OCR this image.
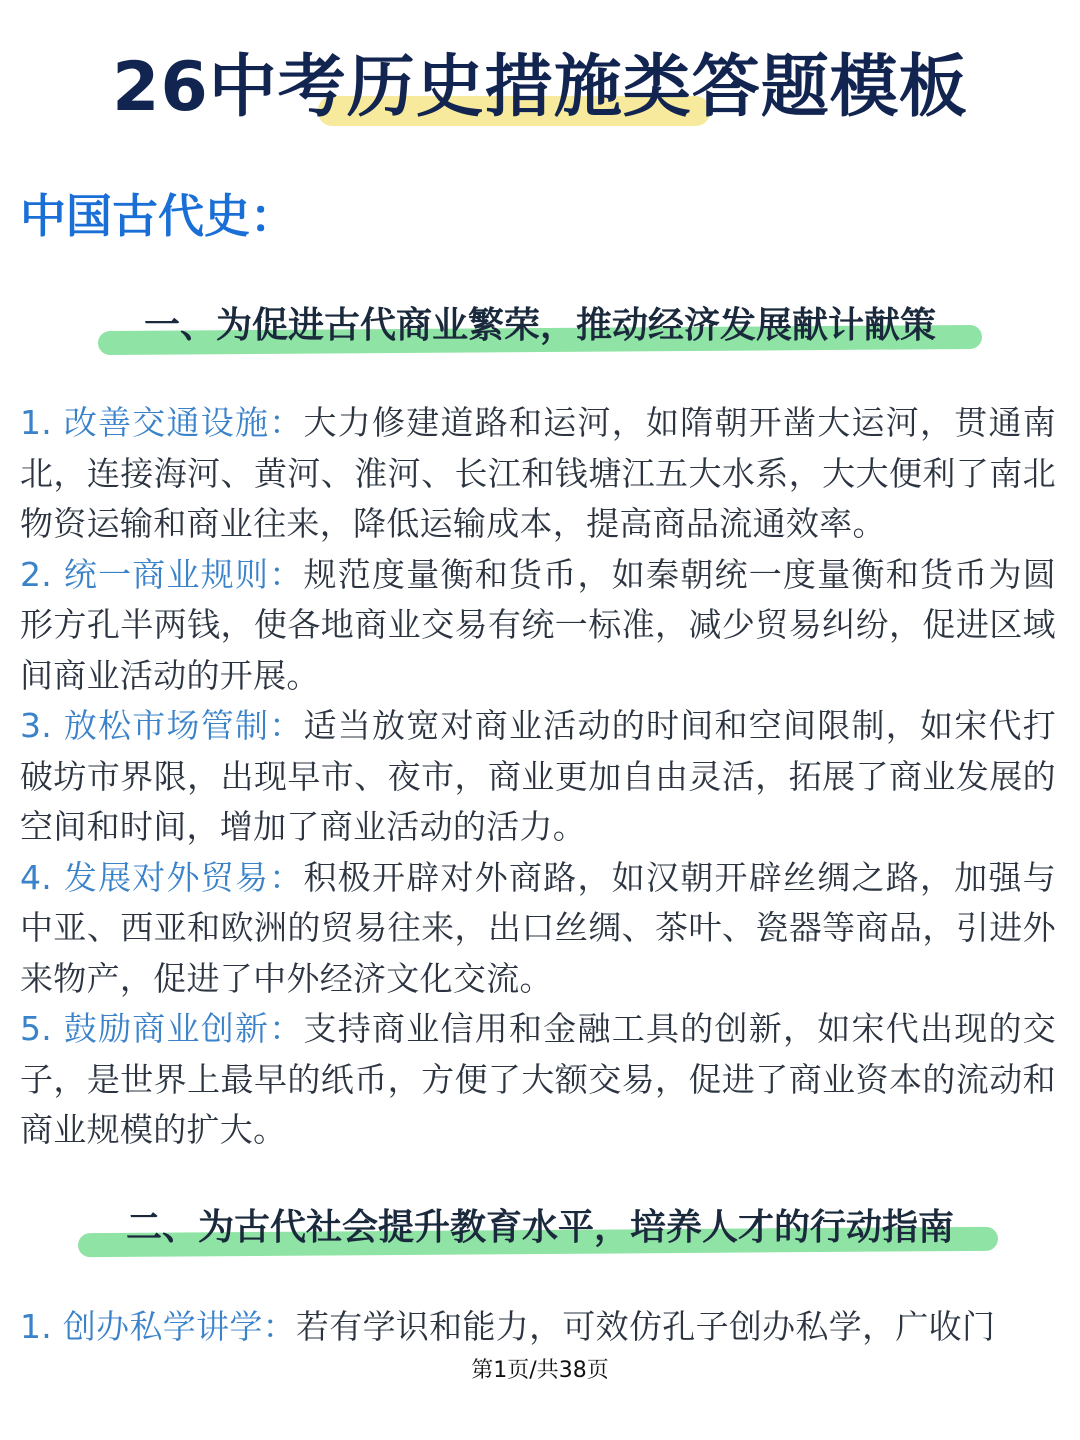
26中考历史措施类答题模板
中国古代史：
一、为促进古代商业繁荣，推动经济发展献计献策
1. 改善交通设施：大力修建道路和运河，如隋朝开凿大运河，贯通南北，连接海河、黄河、淮河、长江和钱塘江五大水系，大大便利了南北物资运输和商业往来，降低运输成本，提高商品流通效率。
2. 统一商业规则：规范度量衡和货币，如秦朝统一度量衡和货币为圆形方孔半两钱，使各地商业交易有统一标准，减少贸易纠纷，促进区域间商业活动的开展。
3. 放松市场管制：适当放宽对商业活动的时间和空间限制，如宋代打破坊市界限，出现早市、夜市，商业更加自由灵活，拓展了商业发展的空间和时间，增加了商业活动的活力。
4. 发展对外贸易：积极开辟对外商路，如汉朝开辟丝绸之路，加强与中亚、西亚和欧洲的贸易往来，出口丝绸、茶叶、瓷器等商品，引进外来物产，促进了中外经济文化交流。
5. 鼓励商业创新：支持商业信用和金融工具的创新，如宋代出现的交子，是世界上最早的纸币，方便了大额交易，促进了商业资本的流动和商业规模的扩大。
二、为古代社会提升教育水平，培养人才的行动指南
1. 创办私学讲学：若有学识和能力，可效仿孔子创办私学，广收门
第1页/共38页
